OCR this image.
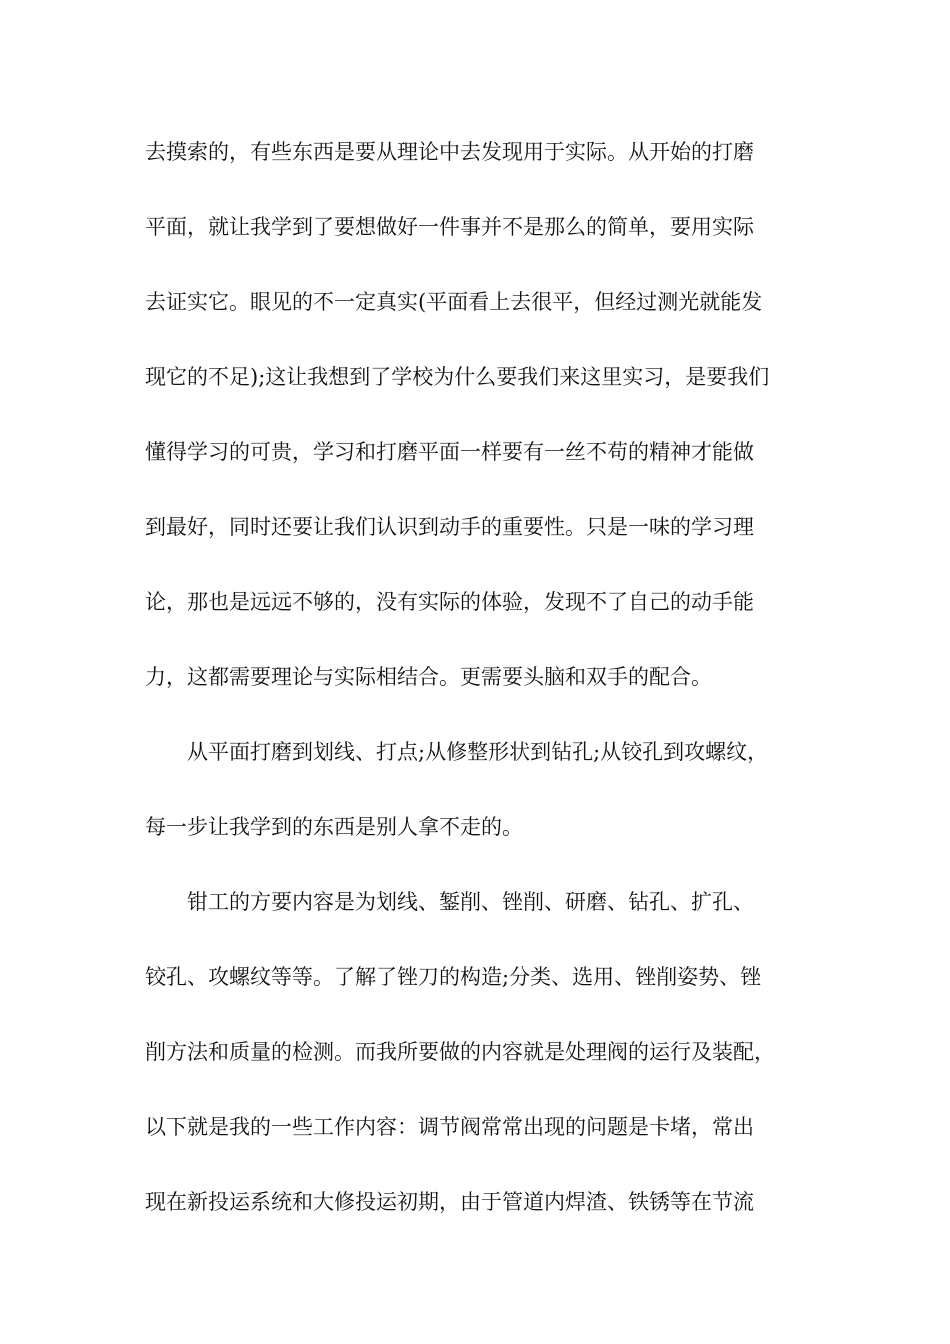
去摸索的，有些东西是要从理论中去发现用于实际。从开始的打磨
平面，就让我学到了要想做好一件事并不是那么的简单，要用实际
去证实它。眼见的不一定真实(平面看上去很平，但经过测光就能发
现它的不足);这让我想到了学校为什么要我们来这里实习，是要我们
懂得学习的可贵，学习和打磨平面一样要有一丝不苟的精神才能做
到最好，同时还要让我们认识到动手的重要性。只是一味的学习理
论，那也是远远不够的，没有实际的体验，发现不了自己的动手能
力，这都需要理论与实际相结合。更需要头脑和双手的配合。
从平面打磨到划线、打点;从修整形状到钻孔;从铰孔到攻螺纹，
每一步让我学到的东西是别人拿不走的。
钳工的方要内容是为划线、錾削、锉削、研磨、钻孔、扩孔、
铰孔、攻螺纹等等。了解了锉刀的构造;分类、选用、锉削姿势、锉
削方法和质量的检测。而我所要做的内容就是处理阀的运行及装配，
以下就是我的一些工作内容：调节阀常常出现的问题是卡堵，常出
现在新投运系统和大修投运初期，由于管道内焊渣、铁锈等在节流
